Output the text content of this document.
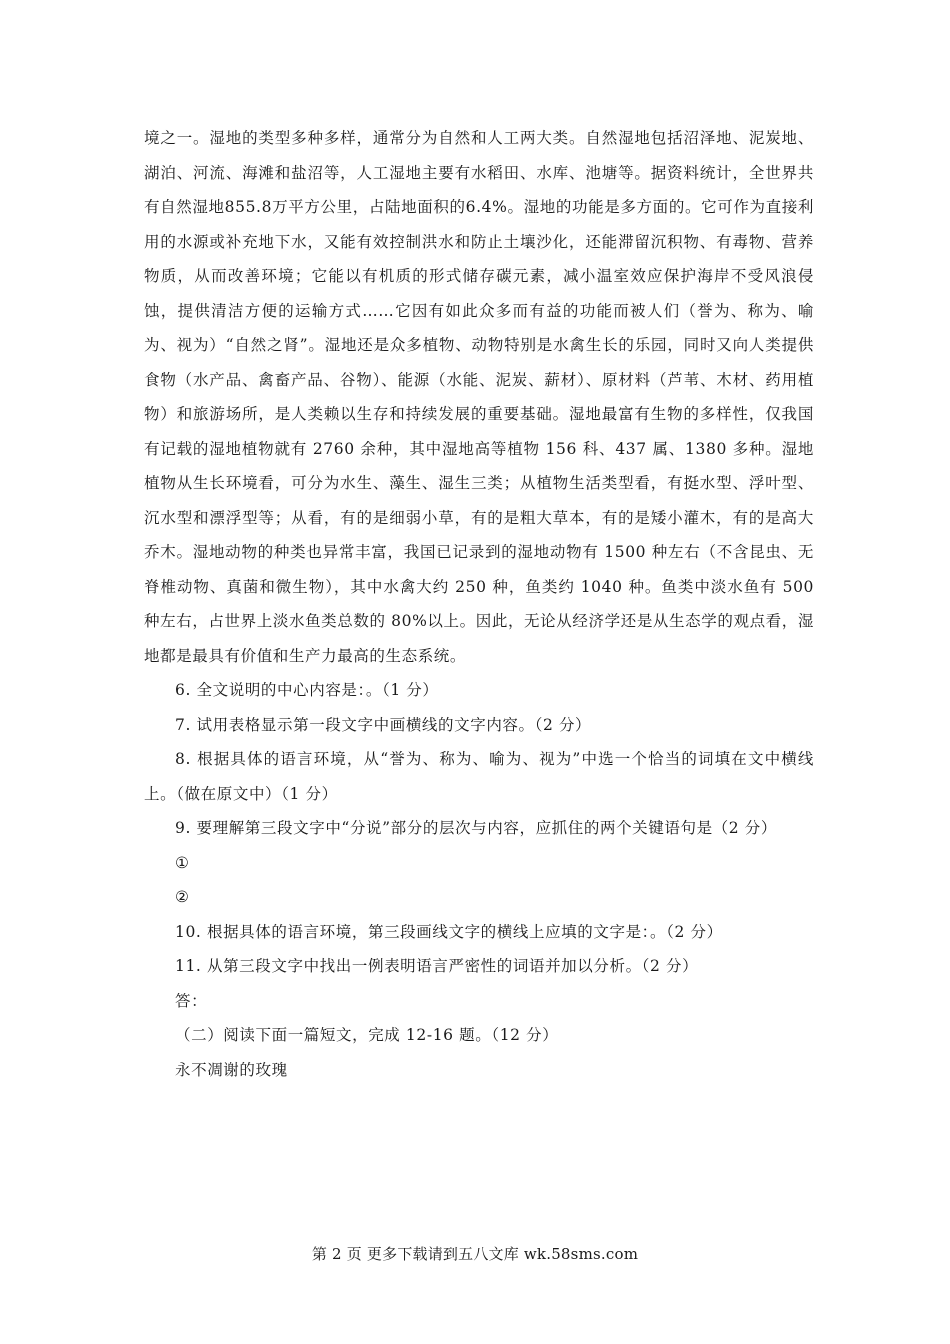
境之一。湿地的类型多种多样，通常分为自然和人工两大类。自然湿地包括沼泽地、泥炭地、湖泊、河流、海滩和盐沼等，人工湿地主要有水稻田、水库、池塘等。据资料统计，全世界共有自然湿地855.8万平方公里，占陆地面积的6.4%。湿地的功能是多方面的。它可作为直接利用的水源或补充地下水，又能有效控制洪水和防止土壤沙化，还能滞留沉积物、有毒物、营养物质，从而改善环境；它能以有机质的形式储存碳元素，减小温室效应保护海岸不受风浪侵蚀，提供清洁方便的运输方式……它因有如此众多而有益的功能而被人们（誉为、称为、喻为、视为）“自然之肾”。湿地还是众多植物、动物特别是水禽生长的乐园，同时又向人类提供食物（水产品、禽畜产品、谷物）、能源（水能、泥炭、薪材）、原材料（芦苇、木材、药用植物）和旅游场所，是人类赖以生存和持续发展的重要基础。湿地最富有生物的多样性，仅我国有记载的湿地植物就有 2760 余种，其中湿地高等植物 156 科、437 属、1380 多种。湿地植物从生长环境看，可分为水生、藻生、湿生三类；从植物生活类型看，有挺水型、浮叶型、沉水型和漂浮型等；从看，有的是细弱小草，有的是粗大草本，有的是矮小灌木，有的是高大乔木。湿地动物的种类也异常丰富，我国已记录到的湿地动物有 1500 种左右（不含昆虫、无脊椎动物、真菌和微生物），其中水禽大约 250 种，鱼类约 1040 种。鱼类中淡水鱼有 500 种左右，占世界上淡水鱼类总数的 80%以上。因此，无论从经济学还是从生态学的观点看，湿地都是最具有价值和生产力最高的生态系统。

6. 全文说明的中心内容是：。（1 分）

7. 试用表格显示第一段文字中画横线的文字内容。（2 分）

8. 根据具体的语言环境，从“誉为、称为、喻为、视为”中选一个恰当的词填在文中横线上。（做在原文中）（1 分）

9. 要理解第三段文字中“分说”部分的层次与内容，应抓住的两个关键语句是（2 分）

①

②

10. 根据具体的语言环境，第三段画线文字的横线上应填的文字是：。（2 分）

11. 从第三段文字中找出一例表明语言严密性的词语并加以分析。（2 分）

答：

（二）阅读下面一篇短文，完成 12-16 题。（12 分）

永不凋谢的玫瑰

第 2 页 更多下载请到五八文库 wk.58sms.com
